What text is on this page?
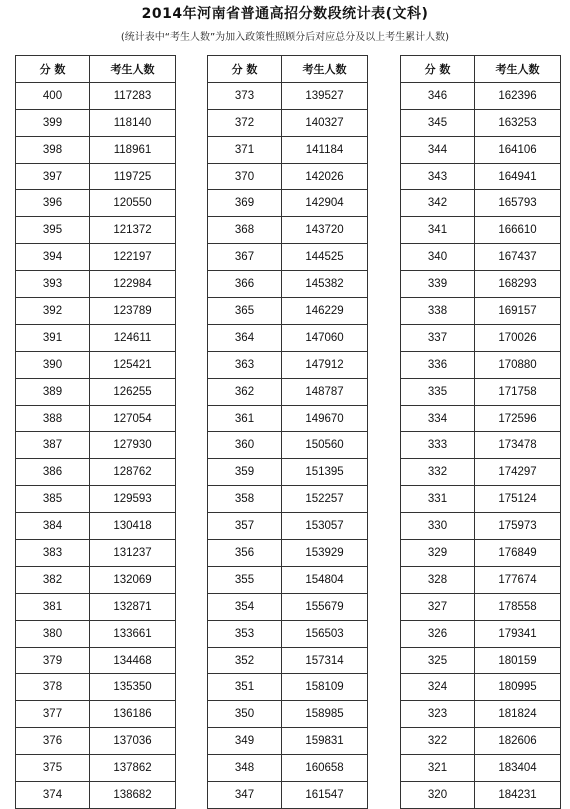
2014年河南省普通高招分数段统计表(文科)
(统计表中“考生人数”为加入政策性照顾分后对应总分及以上考生累计人数)
分 数	考生人数
400	117283
399	118140
398	118961
397	119725
396	120550
395	121372
394	122197
393	122984
392	123789
391	124611
390	125421
389	126255
388	127054
387	127930
386	128762
385	129593
384	130418
383	131237
382	132069
381	132871
380	133661
379	134468
378	135350
377	136186
376	137036
375	137862
374	138682
分 数	考生人数
373	139527
372	140327
371	141184
370	142026
369	142904
368	143720
367	144525
366	145382
365	146229
364	147060
363	147912
362	148787
361	149670
360	150560
359	151395
358	152257
357	153057
356	153929
355	154804
354	155679
353	156503
352	157314
351	158109
350	158985
349	159831
348	160658
347	161547
分 数	考生人数
346	162396
345	163253
344	164106
343	164941
342	165793
341	166610
340	167437
339	168293
338	169157
337	170026
336	170880
335	171758
334	172596
333	173478
332	174297
331	175124
330	175973
329	176849
328	177674
327	178558
326	179341
325	180159
324	180995
323	181824
322	182606
321	183404
320	184231
